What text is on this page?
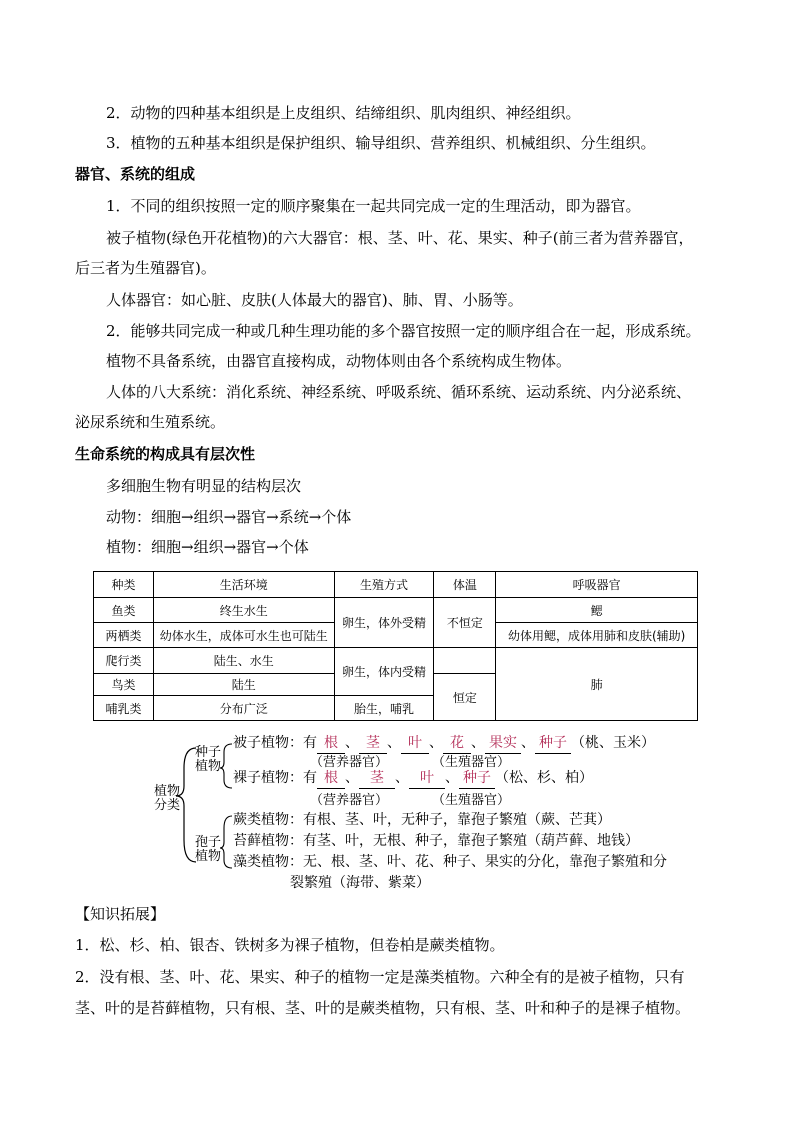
2．动物的四种基本组织是上皮组织、结缔组织、肌肉组织、神经组织。
3．植物的五种基本组织是保护组织、输导组织、营养组织、机械组织、分生组织。
器官、系统的组成
1．不同的组织按照一定的顺序聚集在一起共同完成一定的生理活动，即为器官。
被子植物(绿色开花植物)的六大器官：根、茎、叶、花、果实、种子(前三者为营养器官，
后三者为生殖器官)。
人体器官：如心脏、皮肤(人体最大的器官)、肺、胃、小肠等。
2．能够共同完成一种或几种生理功能的多个器官按照一定的顺序组合在一起，形成系统。
植物不具备系统，由器官直接构成，动物体则由各个系统构成生物体。
人体的八大系统：消化系统、神经系统、呼吸系统、循环系统、运动系统、内分泌系统、
泌尿系统和生殖系统。
生命系统的构成具有层次性
多细胞生物有明显的结构层次
动物：细胞→组织→器官→系统→个体
植物：细胞→组织→器官→个体
种类	生活环境	生殖方式	体温	呼吸器官
鱼类	终生水生	卵生，体外受精	不恒定	鳃
两栖类	幼体水生，成体可水生也可陆生			幼体用鳃，成体用肺和皮肤(辅助)
爬行类	陆生、水生	卵生，体内受精		肺
鸟类	陆生		恒定	
哺乳类	分布广泛	胎生，哺乳		
植物
分类
种子
植物
孢子
植物
被子植物：有 根 、 茎 、 叶 、 花 、 果实 、 种子 （桃、玉米）
（营养器官）	（生殖器官）
裸子植物：有 根 、 茎 、 叶 、 种子 （松、杉、柏）
（营养器官）	（生殖器官）
蕨类植物：有根、茎、叶，无种子，靠孢子繁殖（蕨、芒萁）
苔藓植物：有茎、叶，无根、种子，靠孢子繁殖（葫芦藓、地钱）
藻类植物：无、根、茎、叶、花、种子、果实的分化，靠孢子繁殖和分
裂繁殖（海带、紫菜）
【知识拓展】
1．松、杉、柏、银杏、铁树多为裸子植物，但卷柏是蕨类植物。
2．没有根、茎、叶、花、果实、种子的植物一定是藻类植物。六种全有的是被子植物，只有
茎、叶的是苔藓植物，只有根、茎、叶的是蕨类植物，只有根、茎、叶和种子的是裸子植物。
